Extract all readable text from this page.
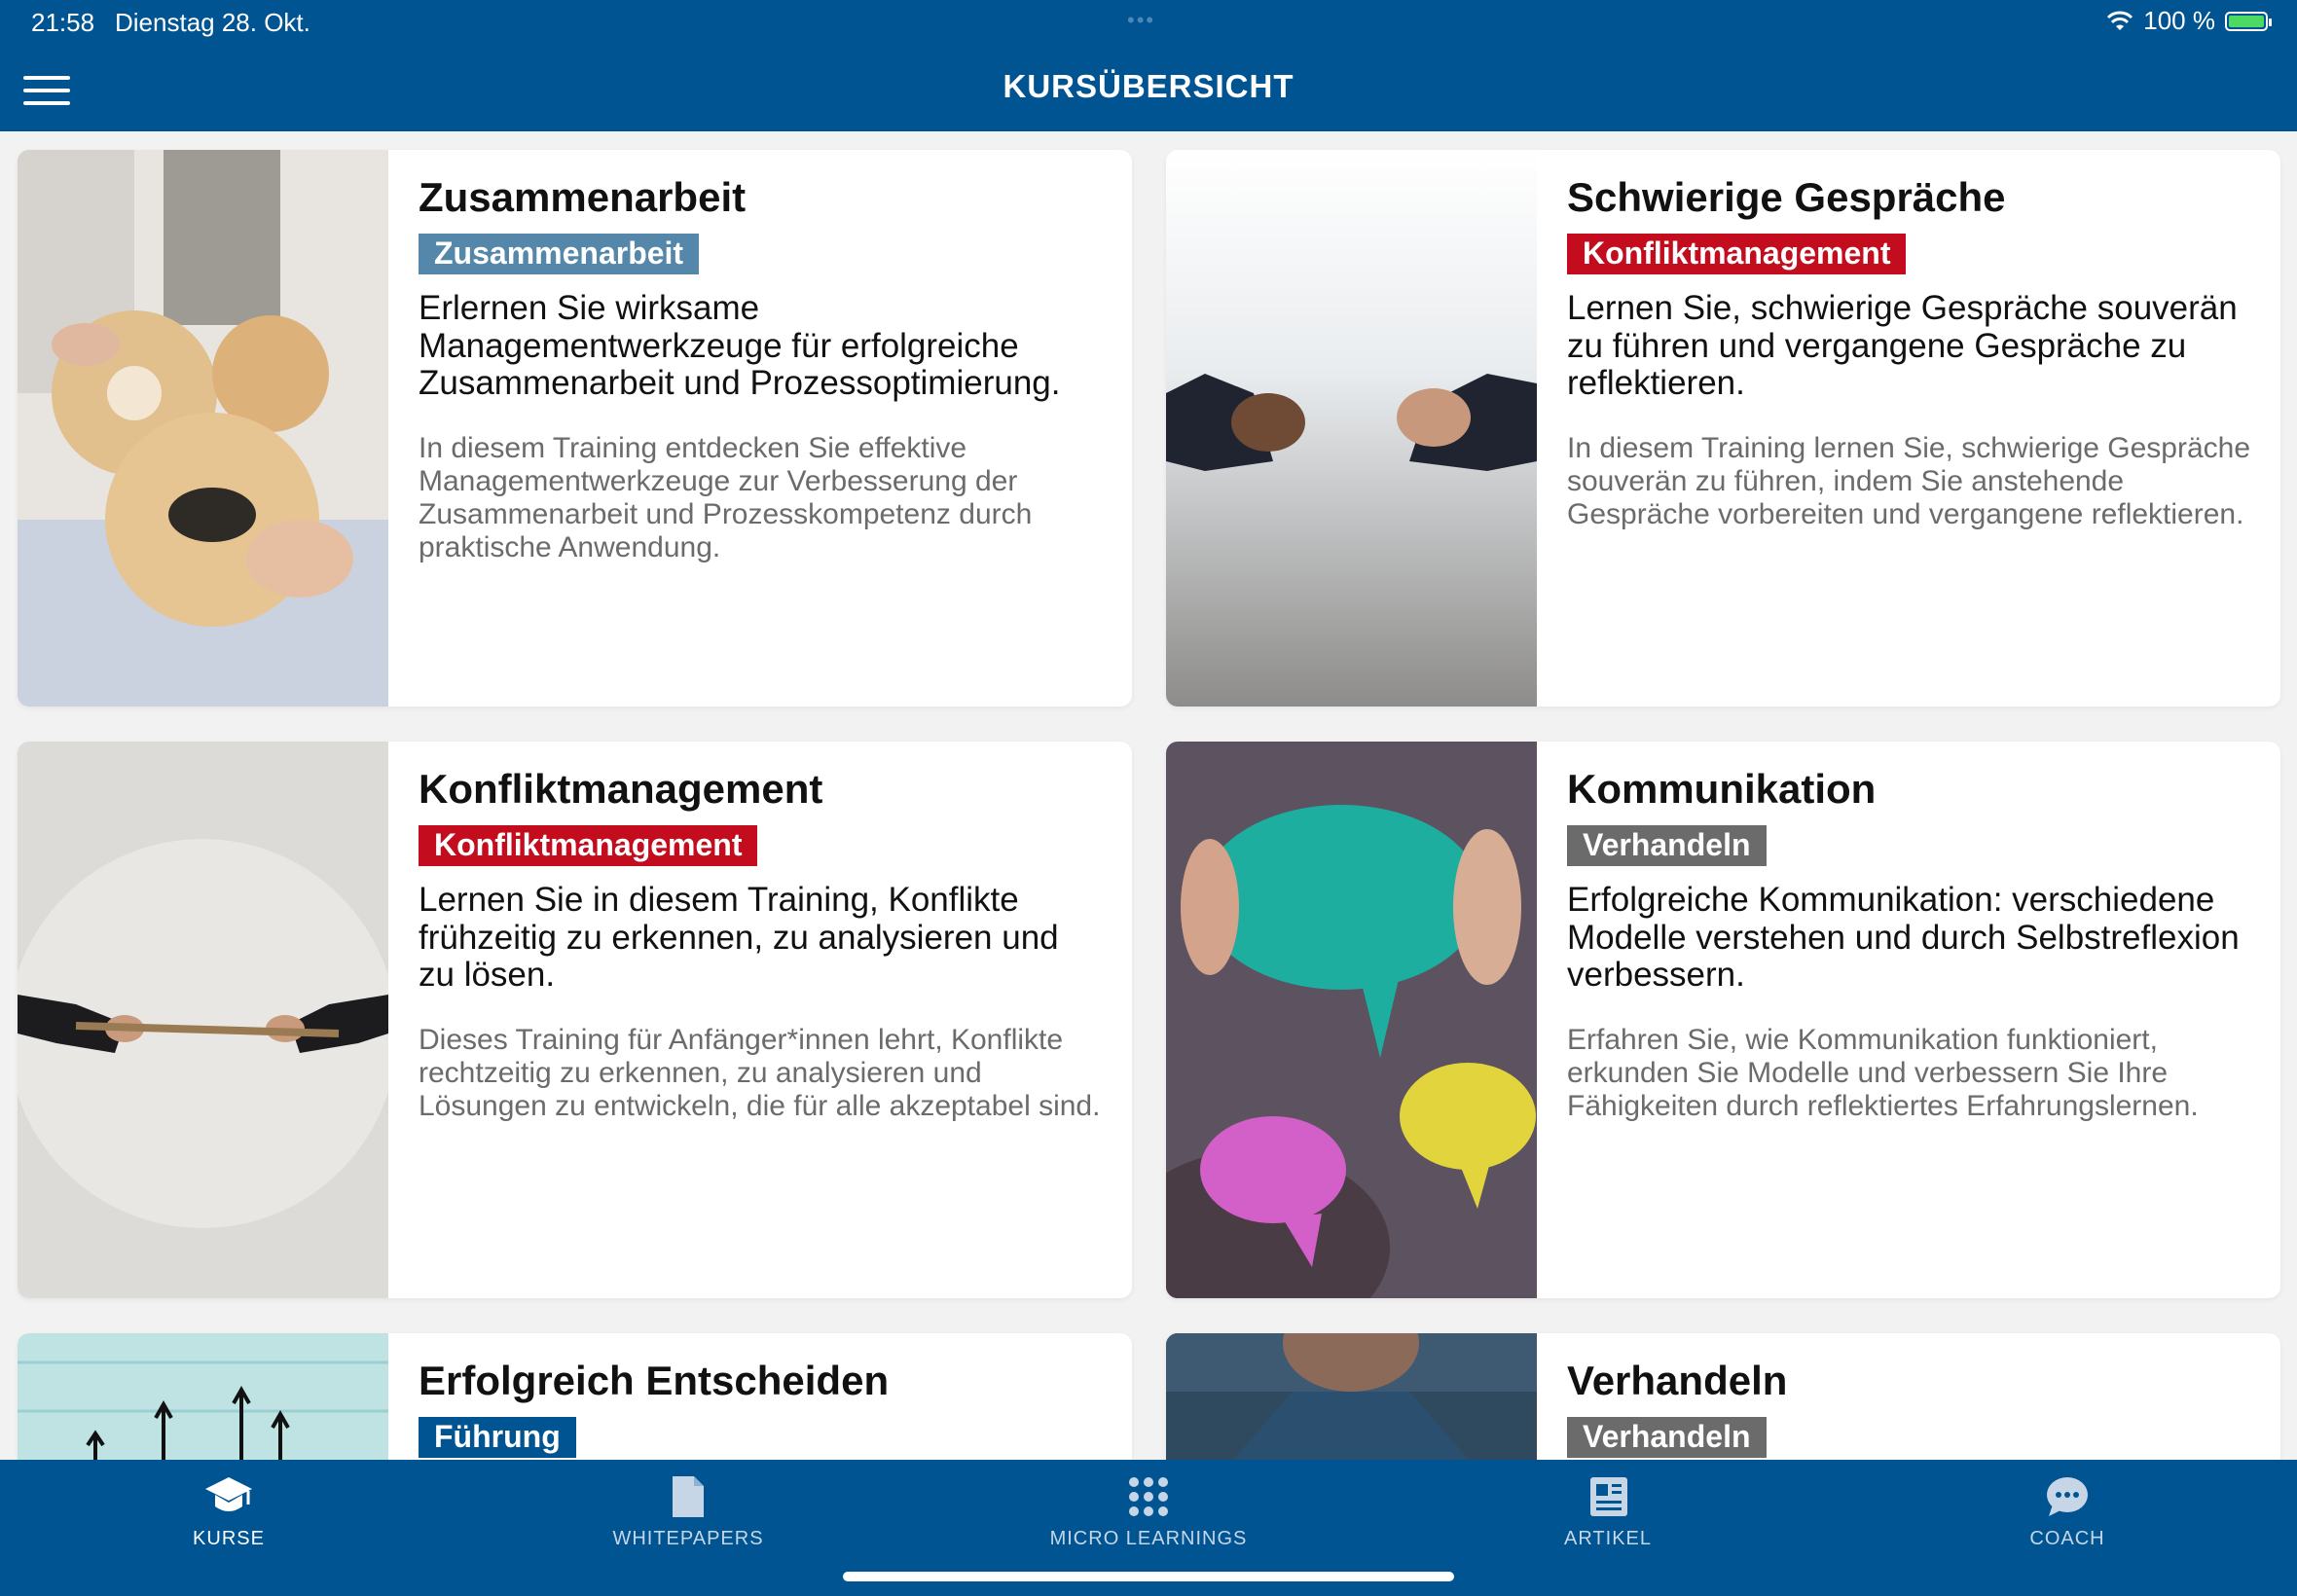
21:58 Dienstag 28. Okt.	•••	100 %
KURSÜBERSICHT
Zusammenarbeit
Zusammenarbeit
Erlernen Sie wirksame Managementwerkzeuge für erfolgreiche Zusammenarbeit und Prozessoptimierung.
In diesem Training entdecken Sie effektive Managementwerkzeuge zur Verbesserung der Zusammenarbeit und Prozesskompetenz durch praktische Anwendung.
Schwierige Gespräche
Konfliktmanagement
Lernen Sie, schwierige Gespräche souverän zu führen und vergangene Gespräche zu reflektieren.
In diesem Training lernen Sie, schwierige Gespräche souverän zu führen, indem Sie anstehende Gespräche vorbereiten und vergangene reflektieren.
Konfliktmanagement
Konfliktmanagement
Lernen Sie in diesem Training, Konflikte frühzeitig zu erkennen, zu analysieren und zu lösen.
Dieses Training für Anfänger*innen lehrt, Konflikte rechtzeitig zu erkennen, zu analysieren und Lösungen zu entwickeln, die für alle akzeptabel sind.
Kommunikation
Verhandeln
Erfolgreiche Kommunikation: verschiedene Modelle verstehen und durch Selbstreflexion verbessern.
Erfahren Sie, wie Kommunikation funktioniert, erkunden Sie Modelle und verbessern Sie Ihre Fähigkeiten durch reflektiertes Erfahrungslernen.
Erfolgreich Entscheiden
Führung
Verhandeln
Verhandeln
KURSE	WHITEPAPERS	MICRO LEARNINGS	ARTIKEL	COACH
